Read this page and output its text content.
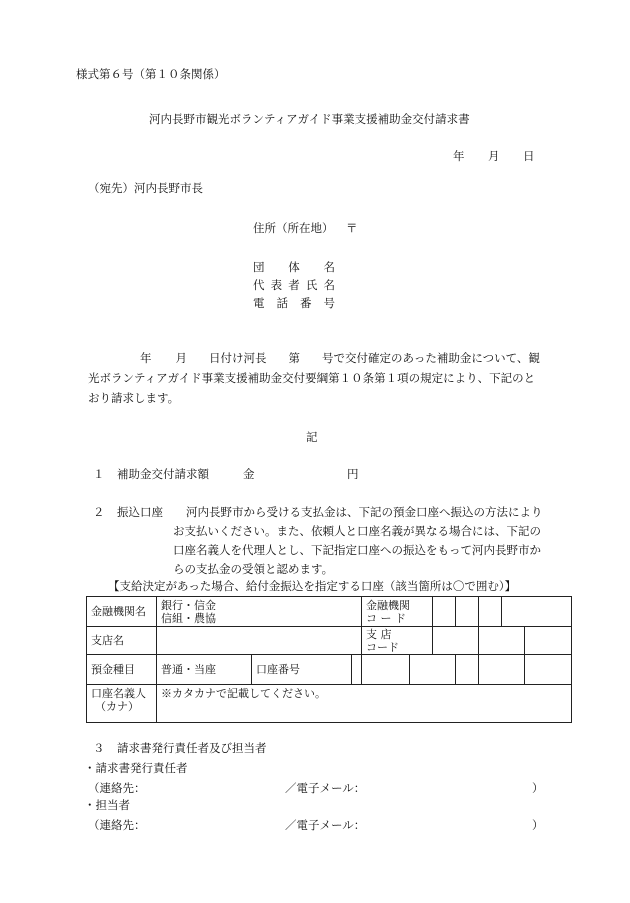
様式第６号（第１０条関係）
河内長野市観光ボランティアガイド事業支援補助金交付請求書
年 月 日
（宛先）河内長野市長
住所（所在地） 〒
団 体 名
代 表 者 氏 名
電 話 番 号
年 月 日付け河長 第 号で交付確定のあった補助金について、観
光ボランティアガイド事業支援補助金交付要綱第１０条第１項の規定により、下記のと
おり請求します。
記
１ 補助金交付請求額	金	円
２ 振込口座 河内長野市から受ける支払金は、下記の預金口座へ振込の方法により
お支払いください。また、依頼人と口座名義が異なる場合には、下記の
口座名義人を代理人とし、下記指定口座への振込をもって河内長野市か
らの支払金の受領と認めます。
【支給決定があった場合、給付金振込を指定する口座（該当箇所は〇で囲む）】
金融機関名	銀行・信金
信組・農協			金融機関
コ ー ド						

支店名				支 店
コード						

預金種目	普通・当座	口座番号								

口座名義人
（カナ）	※カタカナで記載してください。									
３ 請求書発行責任者及び担当者
・請求書発行責任者
（連絡先：	／電子メール：	）
・担当者
（連絡先：	／電子メール：	）
